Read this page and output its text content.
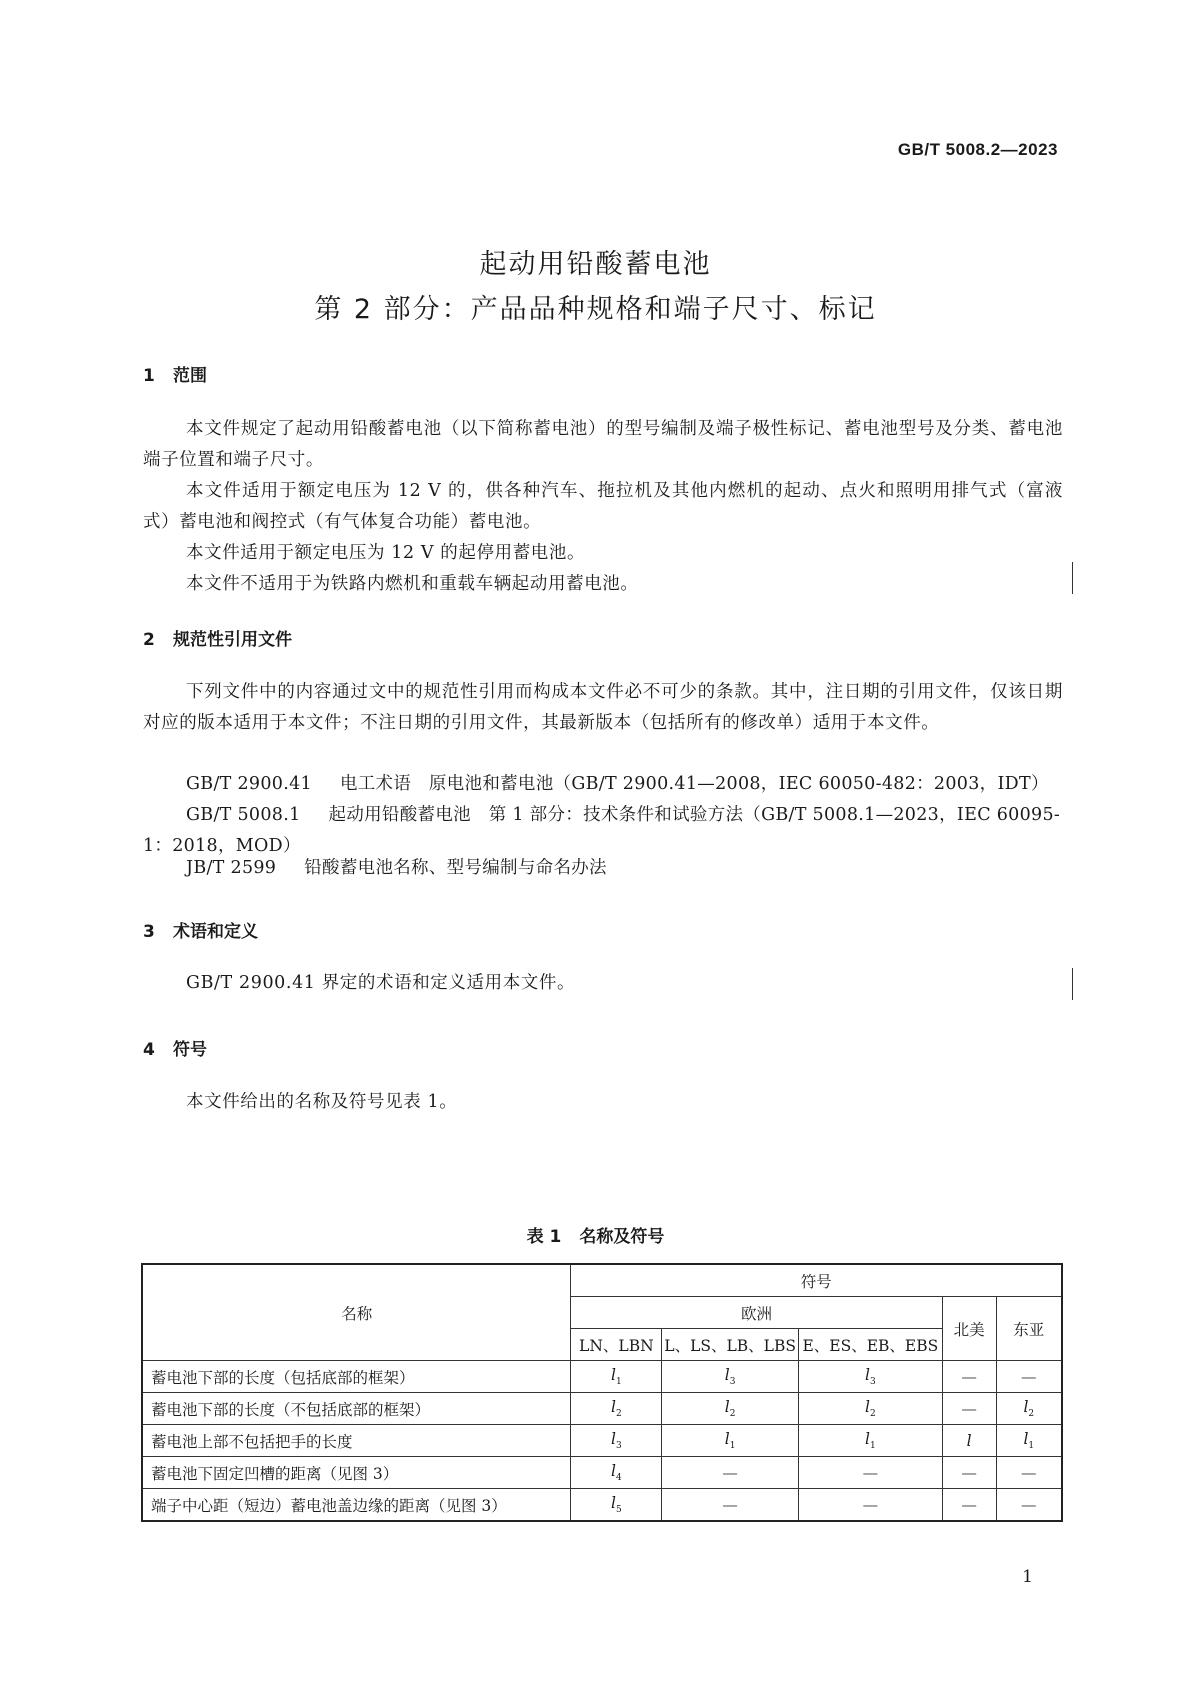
GB/T 5008.2—2023
起动用铅酸蓄电池
第 2 部分：产品品种规格和端子尺寸、标记
1 范围
本文件规定了起动用铅酸蓄电池（以下简称蓄电池）的型号编制及端子极性标记、蓄电池型号及分类、蓄电池端子位置和端子尺寸。
本文件适用于额定电压为 12 V 的，供各种汽车、拖拉机及其他内燃机的起动、点火和照明用排气式（富液式）蓄电池和阀控式（有气体复合功能）蓄电池。
本文件适用于额定电压为 12 V 的起停用蓄电池。
本文件不适用于为铁路内燃机和重载车辆起动用蓄电池。
2 规范性引用文件
下列文件中的内容通过文中的规范性引用而构成本文件必不可少的条款。其中，注日期的引用文件，仅该日期对应的版本适用于本文件；不注日期的引用文件，其最新版本（包括所有的修改单）适用于本文件。
GB/T 2900.41 电工术语　原电池和蓄电池（GB/T 2900.41—2008，IEC 60050-482：2003，IDT）
GB/T 5008.1 起动用铅酸蓄电池　第 1 部分：技术条件和试验方法（GB/T 5008.1—2023，IEC 60095-1：2018，MOD）
JB/T 2599 铅酸蓄电池名称、型号编制与命名办法
3 术语和定义
GB/T 2900.41 界定的术语和定义适用本文件。
4 符号
本文件给出的名称及符号见表 1。
表 1 名称及符号
名称	符号				
	欧洲			北美	东亚
	LN、LBN	L、LS、LB、LBS	E、ES、EB、EBS		
蓄电池下部的长度（包括底部的框架）	$l_1$	$l_3$	$l_3$	—	—
蓄电池下部的长度（不包括底部的框架）	$l_2$	$l_2$	$l_2$	—	$l_2$
蓄电池上部不包括把手的长度	$l_3$	$l_1$	$l_1$	l	$l_1$
蓄电池下固定凹槽的距离（见图 3）	$l_4$	—	—	—	—
端子中心距（短边）蓄电池盖边缘的距离（见图 3）	$l_5$	—	—	—	—
1
